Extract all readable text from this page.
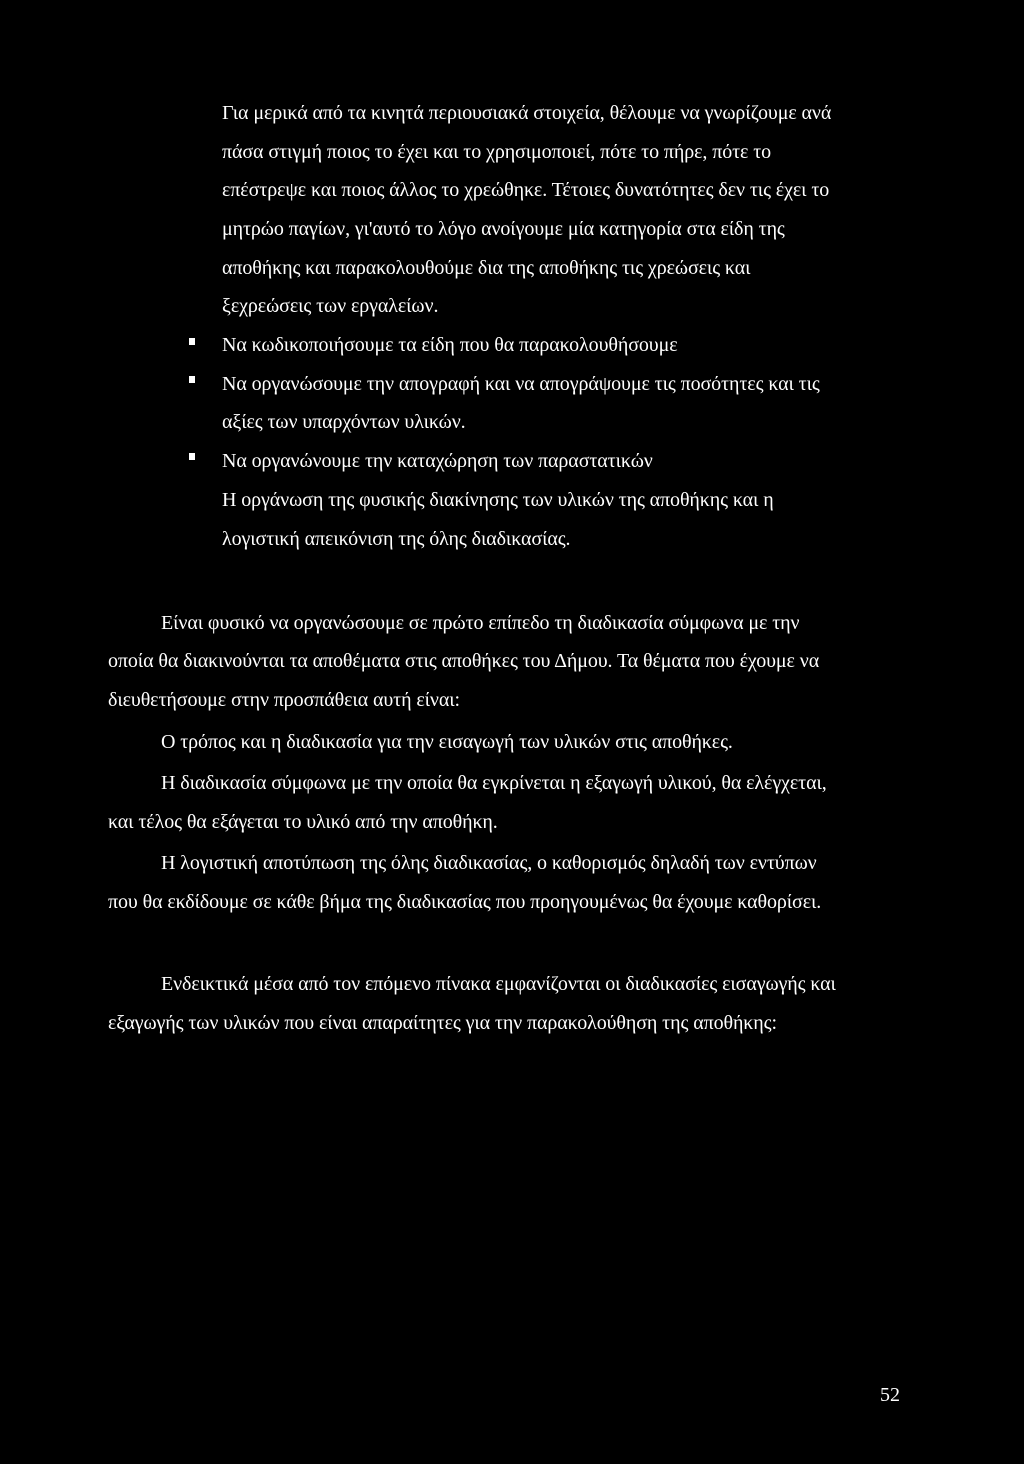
Για μερικά από τα κινητά περιουσιακά στοιχεία, θέλουμε να γνωρίζουμε ανά
πάσα στιγμή ποιος το έχει και το χρησιμοποιεί, πότε το πήρε, πότε το
επέστρεψε και ποιος άλλος το χρεώθηκε. Τέτοιες δυνατότητες δεν τις έχει το
μητρώο παγίων, γι'αυτό το λόγο ανοίγουμε μία κατηγορία στα είδη της
αποθήκης και παρακολουθούμε δια της αποθήκης τις χρεώσεις και
ξεχρεώσεις των εργαλείων.
Να κωδικοποιήσουμε τα είδη που θα παρακολουθήσουμε
Να οργανώσουμε την απογραφή και να απογράψουμε τις ποσότητες και τις
αξίες των υπαρχόντων υλικών.
Να οργανώνουμε την καταχώρηση των παραστατικών
Η οργάνωση της φυσικής διακίνησης των υλικών της αποθήκης και η
λογιστική απεικόνιση της όλης διαδικασίας.
Είναι φυσικό να οργανώσουμε σε πρώτο επίπεδο τη διαδικασία σύμφωνα με την
οποία θα διακινούνται τα αποθέματα στις αποθήκες του Δήμου. Τα θέματα που έχουμε να
διευθετήσουμε στην προσπάθεια αυτή είναι:
Ο τρόπος και η διαδικασία για την εισαγωγή των υλικών στις αποθήκες.
Η διαδικασία σύμφωνα με την οποία θα εγκρίνεται η εξαγωγή υλικού, θα ελέγχεται,
και τέλος θα εξάγεται το υλικό από την αποθήκη.
Η λογιστική αποτύπωση της όλης διαδικασίας, ο καθορισμός δηλαδή των εντύπων
που θα εκδίδουμε σε κάθε βήμα της διαδικασίας που προηγουμένως θα έχουμε καθορίσει.
Ενδεικτικά μέσα από τον επόμενο πίνακα εμφανίζονται οι διαδικασίες εισαγωγής και
εξαγωγής των υλικών που είναι απαραίτητες για την παρακολούθηση της αποθήκης:
52
